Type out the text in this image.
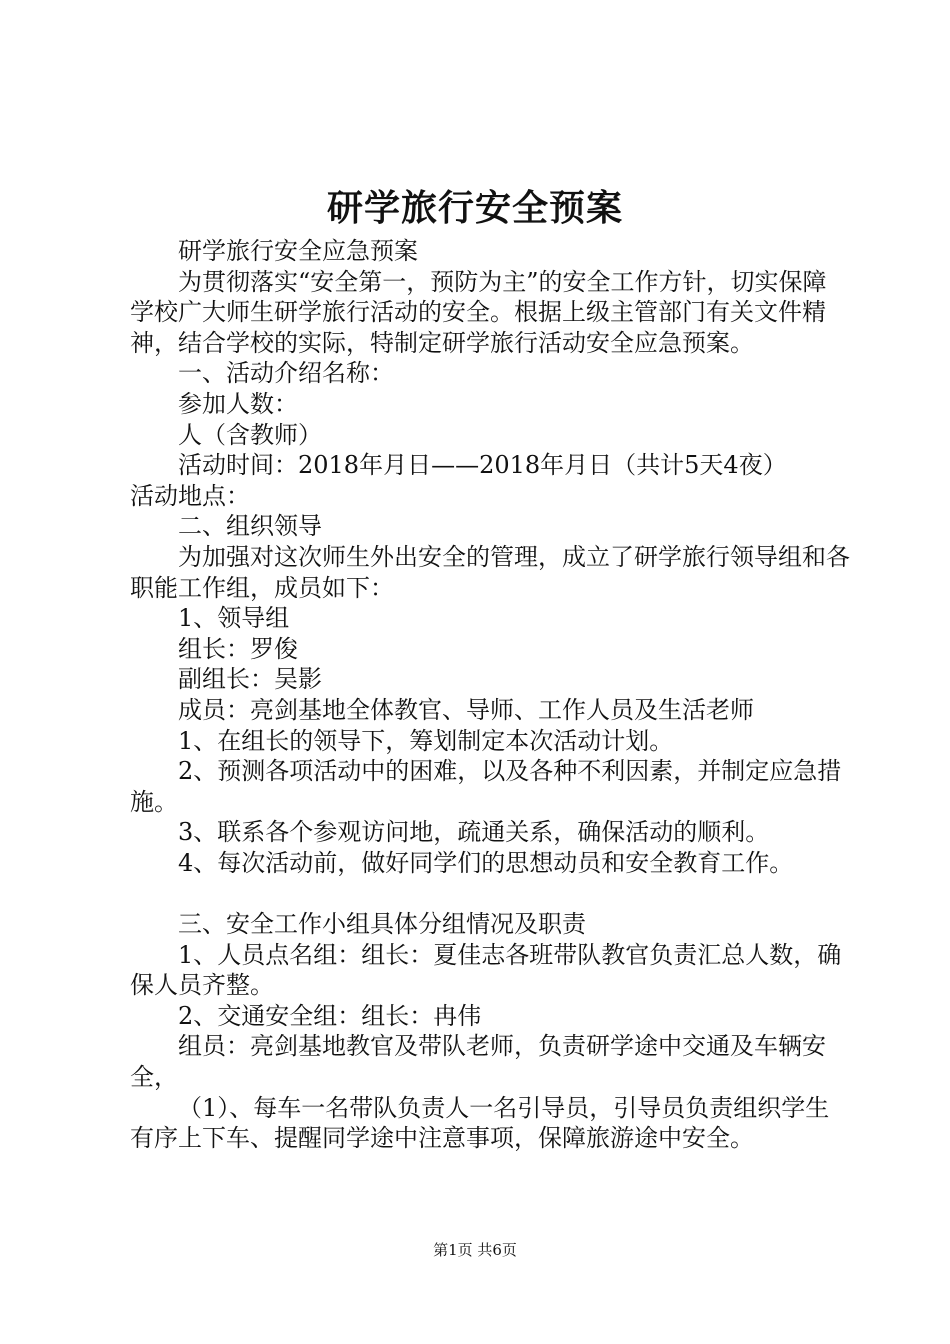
研学旅行安全预案

研学旅行安全应急预案

为贯彻落实“安全第一，预防为主”的安全工作方针，切实保障学校广大师生研学旅行活动的安全。根据上级主管部门有关文件精神，结合学校的实际，特制定研学旅行活动安全应急预案。

一、活动介绍名称：

参加人数：

人（含教师）

活动时间：2018年月日——2018年月日（共计5天4夜）

活动地点：

二、组织领导

为加强对这次师生外出安全的管理，成立了研学旅行领导组和各职能工作组，成员如下：

1、领导组

组长：罗俊

副组长：吴影

成员：亮剑基地全体教官、导师、工作人员及生活老师

1、在组长的领导下，筹划制定本次活动计划。

2、预测各项活动中的困难，以及各种不利因素，并制定应急措施。

3、联系各个参观访问地，疏通关系，确保活动的顺利。

4、每次活动前，做好同学们的思想动员和安全教育工作。

三、安全工作小组具体分组情况及职责

1、人员点名组：组长：夏佳志各班带队教官负责汇总人数，确保人员齐整。

2、交通安全组：组长：冉伟

组员：亮剑基地教官及带队老师，负责研学途中交通及车辆安全，

（1）、每车一名带队负责人一名引导员，引导员负责组织学生有序上下车、提醒同学途中注意事项，保障旅游途中安全。

第1页 共6页
